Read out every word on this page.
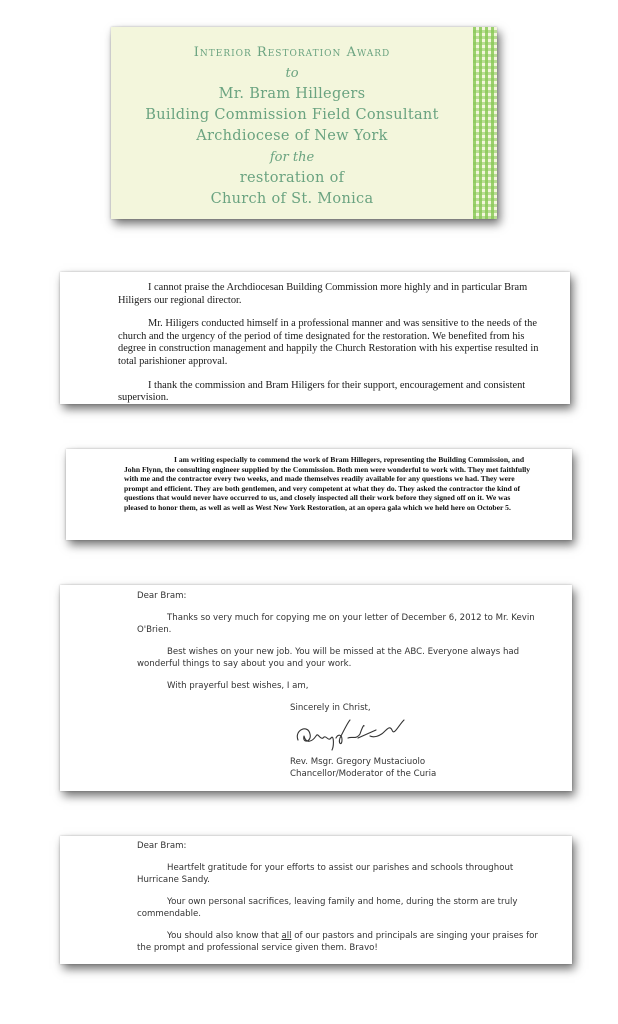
Interior Restoration Award
to
Mr. Bram Hillegers
Building Commission Field Consultant
Archdiocese of New York
for the
restoration of
Church of St. Monica

I cannot praise the Archdiocesan Building Commission more highly and in particular Bram Hiligers our regional director.

Mr. Hiligers conducted himself in a professional manner and was sensitive to the needs of the church and the urgency of the period of time designated for the restoration. We benefited from his degree in construction management and happily the Church Restoration with his expertise resulted in total parishioner approval.

I thank the commission and Bram Hiligers for their support, encouragement and consistent supervision.

I am writing especially to commend the work of Bram Hillegers, representing the Building Commission, and John Flynn, the consulting engineer supplied by the Commission. Both men were wonderful to work with. They met faithfully with me and the contractor every two weeks, and made themselves readily available for any questions we had. They were prompt and efficient. They are both gentlemen, and very competent at what they do. They asked the contractor the kind of questions that would never have occurred to us, and closely inspected all their work before they signed off on it. We was pleased to honor them, as well as well as West New York Restoration, at an opera gala which we held here on October 5.

Dear Bram:

Thanks so very much for copying me on your letter of December 6, 2012 to Mr. Kevin O'Brien.

Best wishes on your new job. You will be missed at the ABC. Everyone always had wonderful things to say about you and your work.

With prayerful best wishes, I am,

Sincerely in Christ,
Rev. Msgr. Gregory Mustaciuolo
Chancellor/Moderator of the Curia

Dear Bram:

Heartfelt gratitude for your efforts to assist our parishes and schools throughout Hurricane Sandy.

Your own personal sacrifices, leaving family and home, during the storm are truly commendable.

You should also know that all of our pastors and principals are singing your praises for the prompt and professional service given them. Bravo!
